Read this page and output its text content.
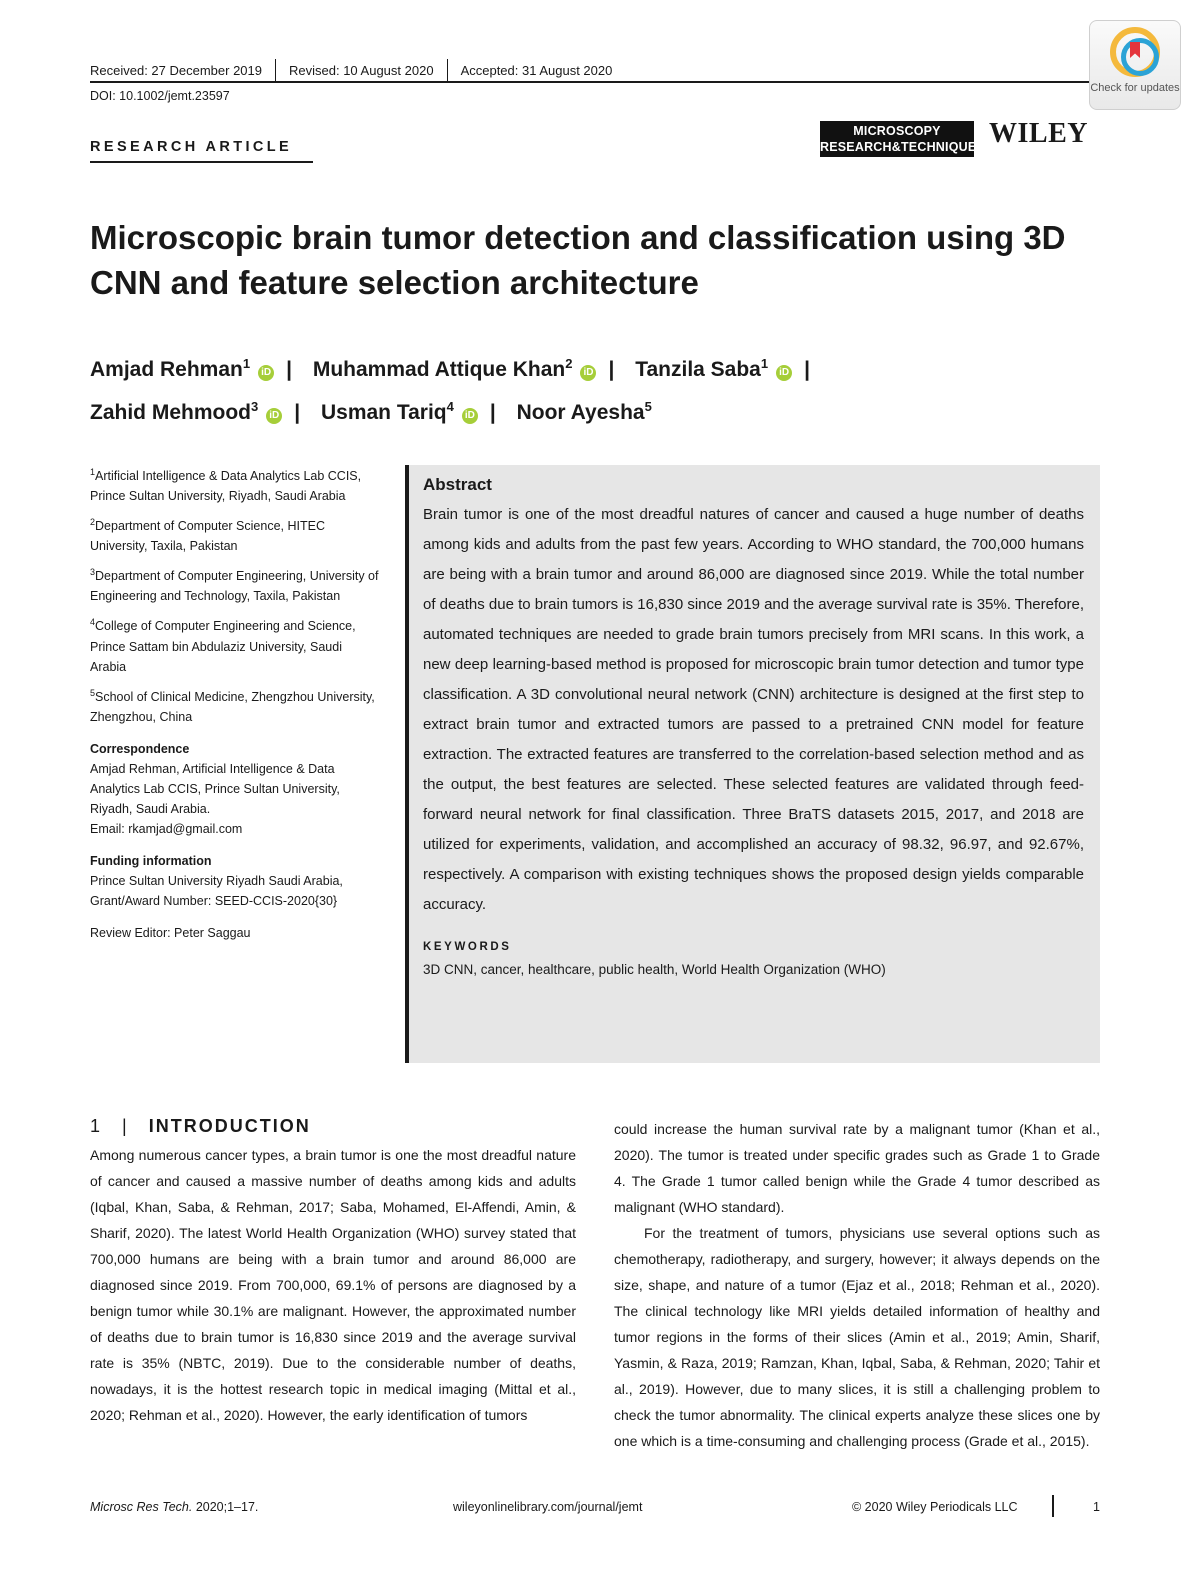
Received: 27 December 2019 Revised: 10 August 2020 Accepted: 31 August 2020
DOI: 10.1002/jemt.23597
Check for updates
RESEARCH ARTICLE
MICROSCOPY
RESEARCH&TECHNIQUE WILEY
Microscopic brain tumor detection and classification using 3D CNN and feature selection architecture
Amjad Rehman$^1$iD | Muhammad Attique Khan$^2$iD | Tanzila Saba$^1$iD |
Zahid Mehmood$^3$iD | Usman Tariq$^4$iD | Noor Ayesha$^5$
$^1$Artificial Intelligence & Data Analytics Lab CCIS, Prince Sultan University, Riyadh, Saudi Arabia
$^2$Department of Computer Science, HITEC University, Taxila, Pakistan
$^3$Department of Computer Engineering, University of Engineering and Technology, Taxila, Pakistan
$^4$College of Computer Engineering and Science, Prince Sattam bin Abdulaziz University, Saudi Arabia
$^5$School of Clinical Medicine, Zhengzhou University, Zhengzhou, China
Correspondence
Amjad Rehman, Artificial Intelligence & Data Analytics Lab CCIS, Prince Sultan University, Riyadh, Saudi Arabia.
Email: rkamjad@gmail.com
Funding information
Prince Sultan University Riyadh Saudi Arabia, Grant/Award Number: SEED-CCIS-2020{30}
Review Editor: Peter Saggau
Abstract

Brain tumor is one of the most dreadful natures of cancer and caused a huge number of deaths among kids and adults from the past few years. According to WHO standard, the 700,000 humans are being with a brain tumor and around 86,000 are diagnosed since 2019. While the total number of deaths due to brain tumors is 16,830 since 2019 and the average survival rate is 35%. Therefore, automated techniques are needed to grade brain tumors precisely from MRI scans. In this work, a new deep learning-based method is proposed for microscopic brain tumor detection and tumor type classification. A 3D convolutional neural network (CNN) architecture is designed at the first step to extract brain tumor and extracted tumors are passed to a pretrained CNN model for feature extraction. The extracted features are transferred to the correlation-based selection method and as the output, the best features are selected. These selected features are validated through feed-forward neural network for final classification. Three BraTS datasets 2015, 2017, and 2018 are utilized for experiments, validation, and accomplished an accuracy of 98.32, 96.97, and 92.67%, respectively. A comparison with existing techniques shows the proposed design yields comparable accuracy.

KEYWORDS
3D CNN, cancer, healthcare, public health, World Health Organization (WHO)
1 | INTRODUCTION

Among numerous cancer types, a brain tumor is one the most dreadful nature of cancer and caused a massive number of deaths among kids and adults (Iqbal, Khan, Saba, & Rehman, 2017; Saba, Mohamed, El-Affendi, Amin, & Sharif, 2020). The latest World Health Organization (WHO) survey stated that 700,000 humans are being with a brain tumor and around 86,000 are diagnosed since 2019. From 700,000, 69.1% of persons are diagnosed by a benign tumor while 30.1% are malignant. However, the approximated number of deaths due to brain tumor is 16,830 since 2019 and the average survival rate is 35% (NBTC, 2019). Due to the considerable number of deaths, nowadays, it is the hottest research topic in medical imaging (Mittal et al., 2020; Rehman et al., 2020). However, the early identification of tumors

could increase the human survival rate by a malignant tumor (Khan et al., 2020). The tumor is treated under specific grades such as Grade 1 to Grade 4. The Grade 1 tumor called benign while the Grade 4 tumor described as malignant (WHO standard).

For the treatment of tumors, physicians use several options such as chemotherapy, radiotherapy, and surgery, however; it always depends on the size, shape, and nature of a tumor (Ejaz et al., 2018; Rehman et al., 2020). The clinical technology like MRI yields detailed information of healthy and tumor regions in the forms of their slices (Amin et al., 2019; Amin, Sharif, Yasmin, & Raza, 2019; Ramzan, Khan, Iqbal, Saba, & Rehman, 2020; Tahir et al., 2019). However, due to many slices, it is still a challenging problem to check the tumor abnormality. The clinical experts analyze these slices one by one which is a time-consuming and challenging process (Grade et al., 2015).

Microsc Res Tech. 2020;1–17.	wileyonlinelibrary.com/journal/jemt	© 2020 Wiley Periodicals LLC	1
